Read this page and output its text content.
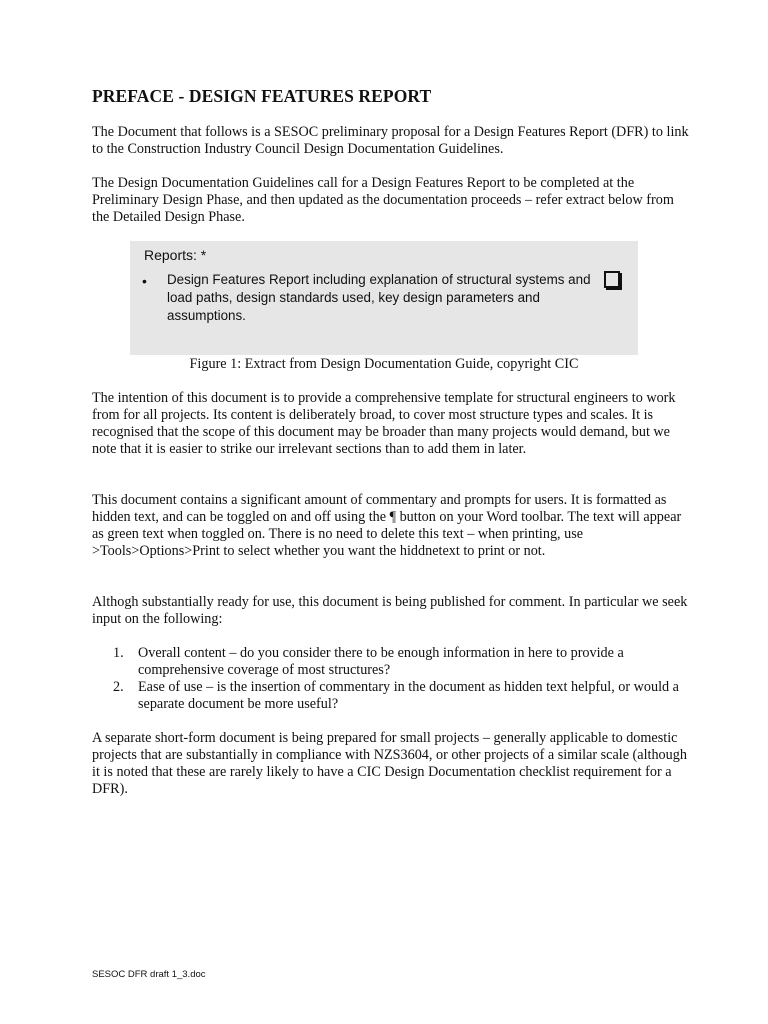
PREFACE - DESIGN FEATURES REPORT

The Document that follows is a SESOC preliminary proposal for a Design Features Report (DFR) to link to the Construction Industry Council Design Documentation Guidelines.

The Design Documentation Guidelines call for a Design Features Report to be completed at the Preliminary Design Phase, and then updated as the documentation proceeds – refer extract below from the Detailed Design Phase.

Reports: *

• Design Features Report including explanation of structural systems and load paths, design standards used, key design parameters and assumptions.

Figure 1: Extract from Design Documentation Guide, copyright CIC

The intention of this document is to provide a comprehensive template for structural engineers to work from for all projects. Its content is deliberately broad, to cover most structure types and scales. It is recognised that the scope of this document may be broader than many projects would demand, but we note that it is easier to strike our irrelevant sections than to add them in later.

This document contains a significant amount of commentary and prompts for users. It is formatted as hidden text, and can be toggled on and off using the ¶ button on your Word toolbar. The text will appear as green text when toggled on. There is no need to delete this text – when printing, use >Tools>Options>Print to select whether you want the hiddnetext to print or not.

Althogh substantially ready for use, this document is being published for comment. In particular we seek input on the following:

1. Overall content – do you consider there to be enough information in here to provide a comprehensive coverage of most structures?
2. Ease of use – is the insertion of commentary in the document as hidden text helpful, or would a separate document be more useful?

A separate short-form document is being prepared for small projects – generally applicable to domestic projects that are substantially in compliance with NZS3604, or other projects of a similar scale (although it is noted that these are rarely likely to have a CIC Design Documentation checklist requirement for a DFR).

SESOC DFR draft 1_3.doc
